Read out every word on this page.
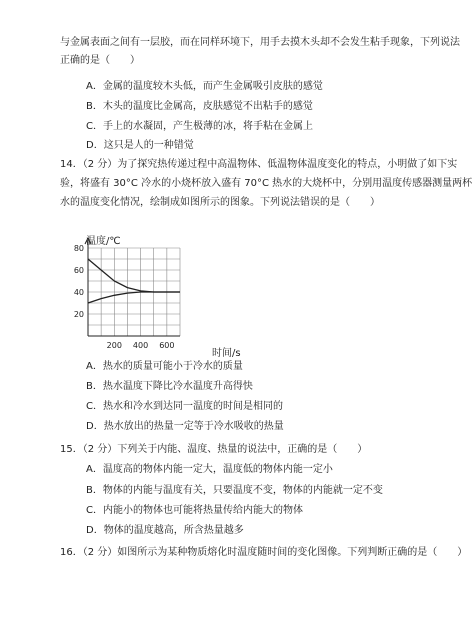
与金属表面之间有一层胶，而在同样环境下，用手去摸木头却不会发生粘手现象，下列说法
正确的是（　　）
A．金属的温度较木头低，而产生金属吸引皮肤的感觉
B．木头的温度比金属高，皮肤感觉不出粘手的感觉
C．手上的水凝固，产生极薄的冰，将手粘在金属上
D．这只是人的一种错觉
14．（2 分）为了探究热传递过程中高温物体、低温物体温度变化的特点，小明做了如下实
验，将盛有 30°C 冷水的小烧杯放入盛有 70°C 热水的大烧杯中，分别用温度传感器测量两杯
水的温度变化情况，绘制成如图所示的图象。下列说法错误的是（　　）
温度/℃
时间/s
200 400 600
80
60
40
20
A．热水的质量可能小于冷水的质量
B．热水温度下降比冷水温度升高得快
C．热水和冷水到达同一温度的时间是相同的
D．热水放出的热量一定等于冷水吸收的热量
15．（2 分）下列关于内能、温度、热量的说法中，正确的是（　　）
A．温度高的物体内能一定大，温度低的物体内能一定小
B．物体的内能与温度有关，只要温度不变，物体的内能就一定不变
C．内能小的物体也可能将热量传给内能大的物体
D．物体的温度越高，所含热量越多
16．（2 分）如图所示为某种物质熔化时温度随时间的变化图像。下列判断正确的是（　　）
